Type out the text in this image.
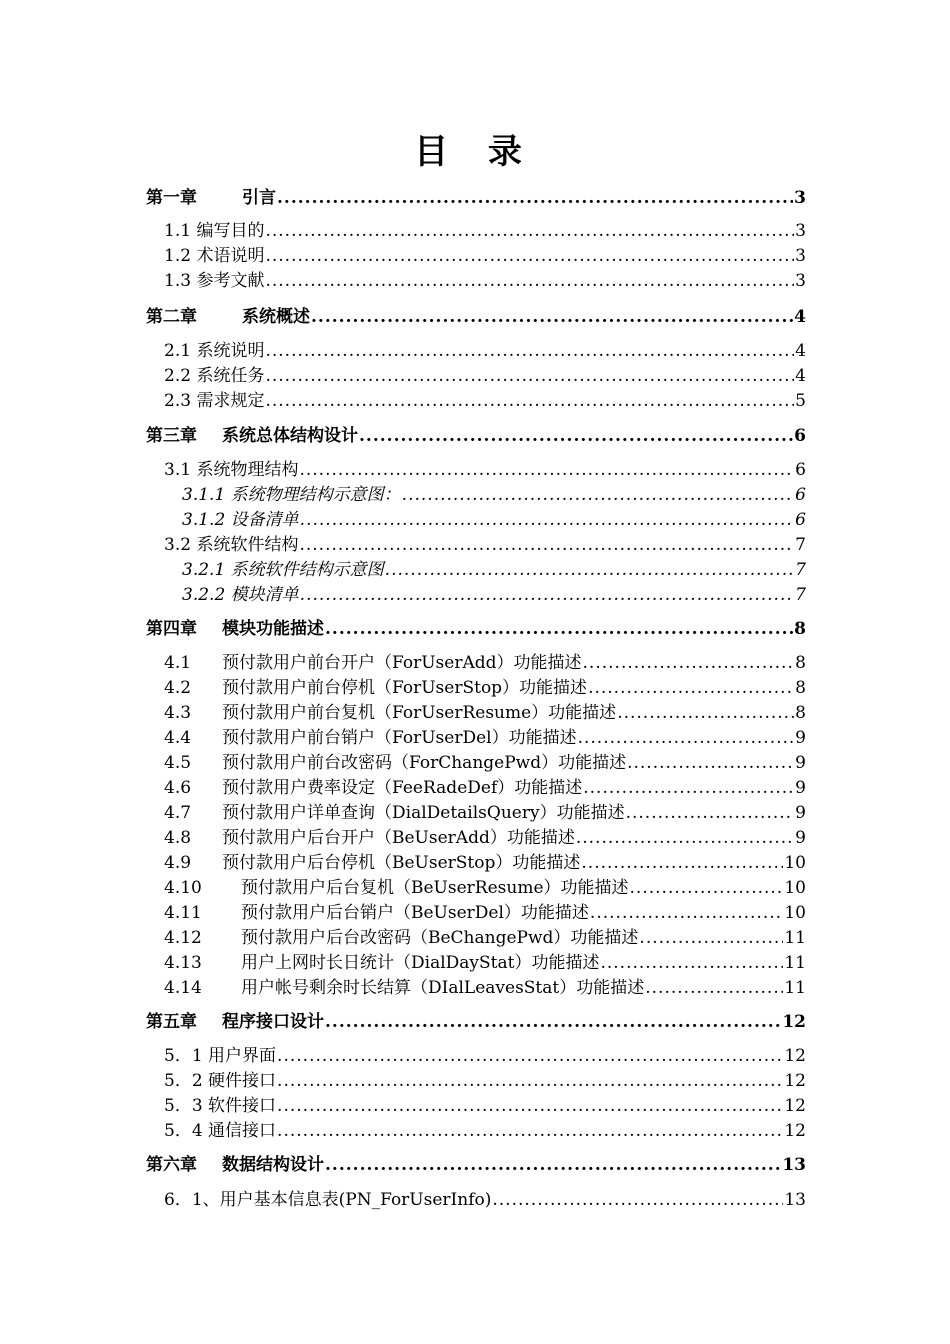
目 录
第一章	引言 .....	3
1.1 编写目的 .....	3
1.2 术语说明 .....	3
1.3 参考文献 .....	3
第二章	系统概述 .....	4
2.1 系统说明 .....	4
2.2 系统任务 .....	4
2.3 需求规定 .....	5
第三章 系统总体结构设计 .....	6
3.1 系统物理结构 .....	6
3.1.1 系统物理结构示意图： .....	6
3.1.2 设备清单 .....	6
3.2 系统软件结构 .....	7
3.2.1 系统软件结构示意图 .....	7
3.2.2 模块清单 .....	7
第四章 模块功能描述 .....	8
4.1 预付款用户前台开户（ForUserAdd）功能描述 .....	8
4.2 预付款用户前台停机（ForUserStop）功能描述 .....	8
4.3 预付款用户前台复机（ForUserResume）功能描述 .....	8
4.4 预付款用户前台销户（ForUserDel）功能描述 .....	9
4.5 预付款用户前台改密码（ForChangePwd）功能描述 .....	9
4.6 预付款用户费率设定（FeeRadeDef）功能描述 .....	9
4.7 预付款用户详单查询（DialDetailsQuery）功能描述 .....	9
4.8 预付款用户后台开户（BeUserAdd）功能描述 .....	9
4.9 预付款用户后台停机（BeUserStop）功能描述 .....	10
4.10 预付款用户后台复机（BeUserResume）功能描述 .....	10
4.11 预付款用户后台销户（BeUserDel）功能描述 .....	10
4.12 预付款用户后台改密码（BeChangePwd）功能描述 .....	11
4.13 用户上网时长日统计（DialDayStat）功能描述 .....	11
4.14 用户帐号剩余时长结算（DIalLeavesStat）功能描述 .....	11
第五章 程序接口设计 .....	12
5．1 用户界面 .....	12
5．2 硬件接口 .....	12
5．3 软件接口 .....	12
5．4 通信接口 .....	12
第六章 数据结构设计 .....	13
6．1、用户基本信息表(PN_ForUserInfo) .....	13
